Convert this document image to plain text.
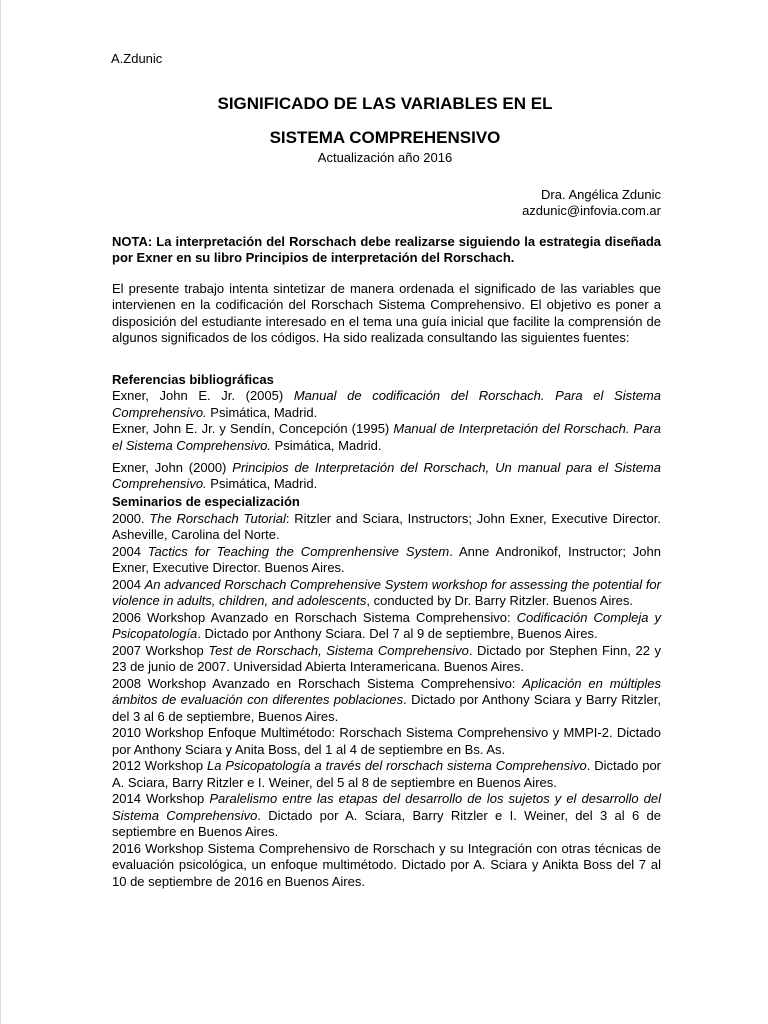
A.Zdunic
SIGNIFICADO DE LAS VARIABLES EN EL
SISTEMA COMPREHENSIVO
Actualización año 2016
Dra. Angélica Zdunic
azdunic@infovia.com.ar
NOTA: La interpretación del Rorschach debe realizarse siguiendo la estrategia diseñada por Exner en su libro Principios de interpretación del Rorschach.
El presente trabajo intenta sintetizar de manera ordenada el significado de las variables que intervienen en la codificación del Rorschach Sistema Comprehensivo. El objetivo es poner a disposición del estudiante interesado en el tema una guía inicial que facilite la comprensión de algunos significados de los códigos. Ha sido realizada consultando las siguientes fuentes:
Referencias bibliográficas

Exner, John E. Jr. (2005) Manual de codificación del Rorschach. Para el Sistema Comprehensivo. Psimática, Madrid.

Exner, John E. Jr. y Sendín, Concepción (1995) Manual de Interpretación del Rorschach. Para el Sistema Comprehensivo. Psimática, Madrid.

Exner, John (2000) Principios de Interpretación del Rorschach, Un manual para el Sistema Comprehensivo. Psimática, Madrid.

Seminarios de especialización

2000. The Rorschach Tutorial: Ritzler and Sciara, Instructors; John Exner, Executive Director. Asheville, Carolina del Norte.

2004 Tactics for Teaching the Comprenhensive System. Anne Andronikof, Instructor; John Exner, Executive Director. Buenos Aires.

2004 An advanced Rorschach Comprehensive System workshop for assessing the potential for violence in adults, children, and adolescents, conducted by Dr. Barry Ritzler. Buenos Aires.

2006 Workshop Avanzado en Rorschach Sistema Comprehensivo: Codificación Compleja y Psicopatología. Dictado por Anthony Sciara. Del 7 al 9 de septiembre, Buenos Aires.

2007 Workshop Test de Rorschach, Sistema Comprehensivo. Dictado por Stephen Finn, 22 y 23 de junio de 2007. Universidad Abierta Interamericana. Buenos Aires.

2008 Workshop Avanzado en Rorschach Sistema Comprehensivo: Aplicación en múltiples ámbitos de evaluación con diferentes poblaciones. Dictado por Anthony Sciara y Barry Ritzler, del 3 al 6 de septiembre, Buenos Aires.

2010 Workshop Enfoque Multimétodo: Rorschach Sistema Comprehensivo y MMPI-2. Dictado por Anthony Sciara y Anita Boss, del 1 al 4 de septiembre en Bs. As.

2012 Workshop La Psicopatología a través del rorschach sistema Comprehensivo. Dictado por A. Sciara, Barry Ritzler e I. Weiner, del 5 al 8 de septiembre en Buenos Aires.

2014 Workshop Paralelismo entre las etapas del desarrollo de los sujetos y el desarrollo del Sistema Comprehensivo. Dictado por A. Sciara, Barry Ritzler e I. Weiner, del 3 al 6 de septiembre en Buenos Aires.

2016 Workshop Sistema Comprehensivo de Rorschach y su Integración con otras técnicas de evaluación psicológica, un enfoque multimétodo. Dictado por A. Sciara y Anikta Boss del 7 al 10 de septiembre de 2016 en Buenos Aires.
